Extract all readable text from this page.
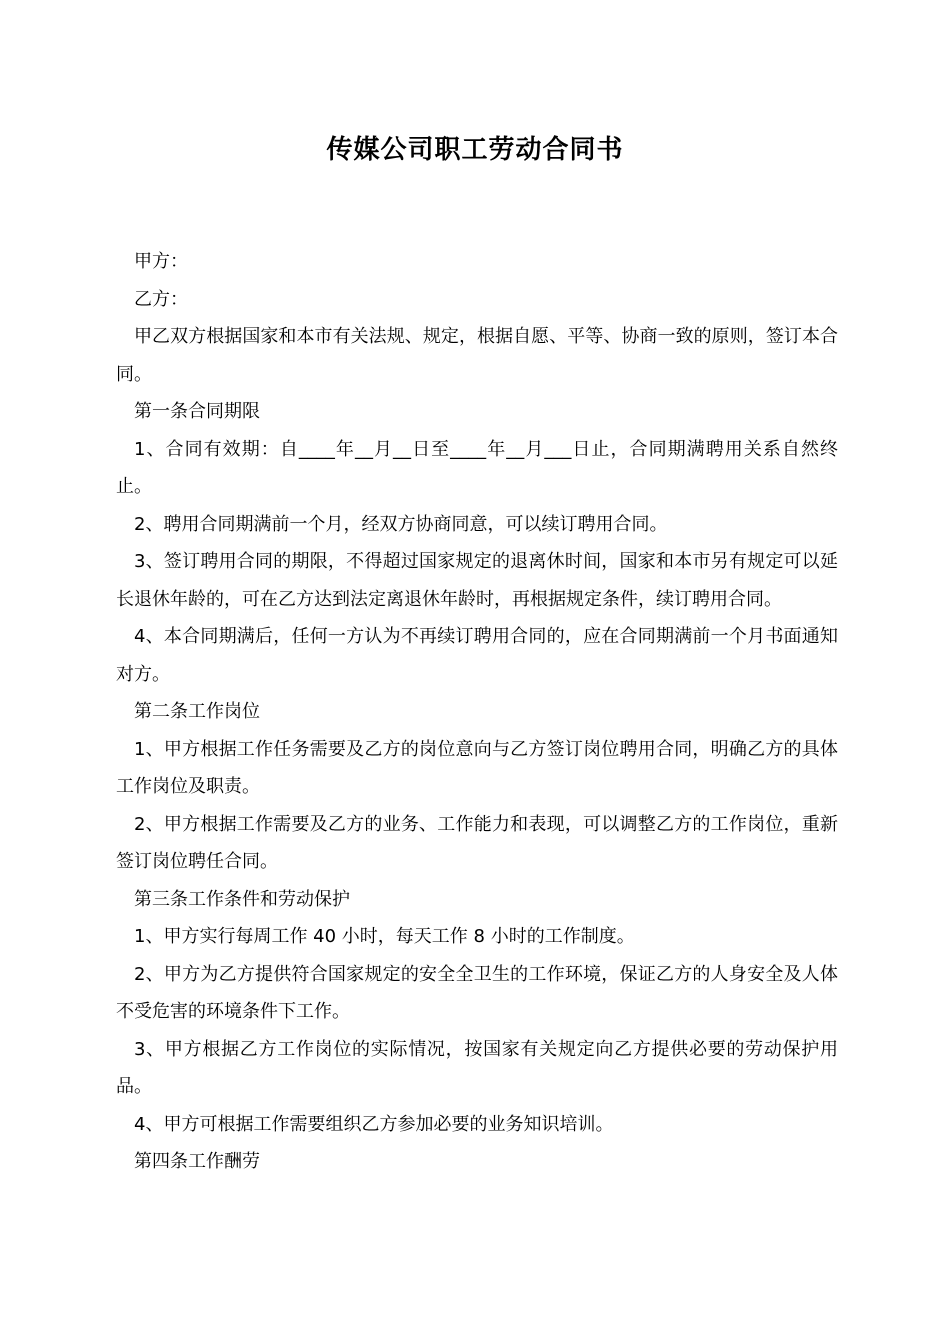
传媒公司职工劳动合同书

甲方：

乙方：

甲乙双方根据国家和本市有关法规、规定，根据自愿、平等、协商一致的原则，签订本合同。

第一条合同期限

1、合同有效期：自____年__月__日至____年__月___日止，合同期满聘用关系自然终止。

2、聘用合同期满前一个月，经双方协商同意，可以续订聘用合同。

3、签订聘用合同的期限，不得超过国家规定的退离休时间，国家和本市另有规定可以延长退休年龄的，可在乙方达到法定离退休年龄时，再根据规定条件，续订聘用合同。

4、本合同期满后，任何一方认为不再续订聘用合同的，应在合同期满前一个月书面通知对方。

第二条工作岗位

1、甲方根据工作任务需要及乙方的岗位意向与乙方签订岗位聘用合同，明确乙方的具体工作岗位及职责。

2、甲方根据工作需要及乙方的业务、工作能力和表现，可以调整乙方的工作岗位，重新签订岗位聘任合同。

第三条工作条件和劳动保护

1、甲方实行每周工作 40 小时，每天工作 8 小时的工作制度。

2、甲方为乙方提供符合国家规定的安全全卫生的工作环境，保证乙方的人身安全及人体不受危害的环境条件下工作。

3、甲方根据乙方工作岗位的实际情况，按国家有关规定向乙方提供必要的劳动保护用品。

4、甲方可根据工作需要组织乙方参加必要的业务知识培训。

第四条工作酬劳
